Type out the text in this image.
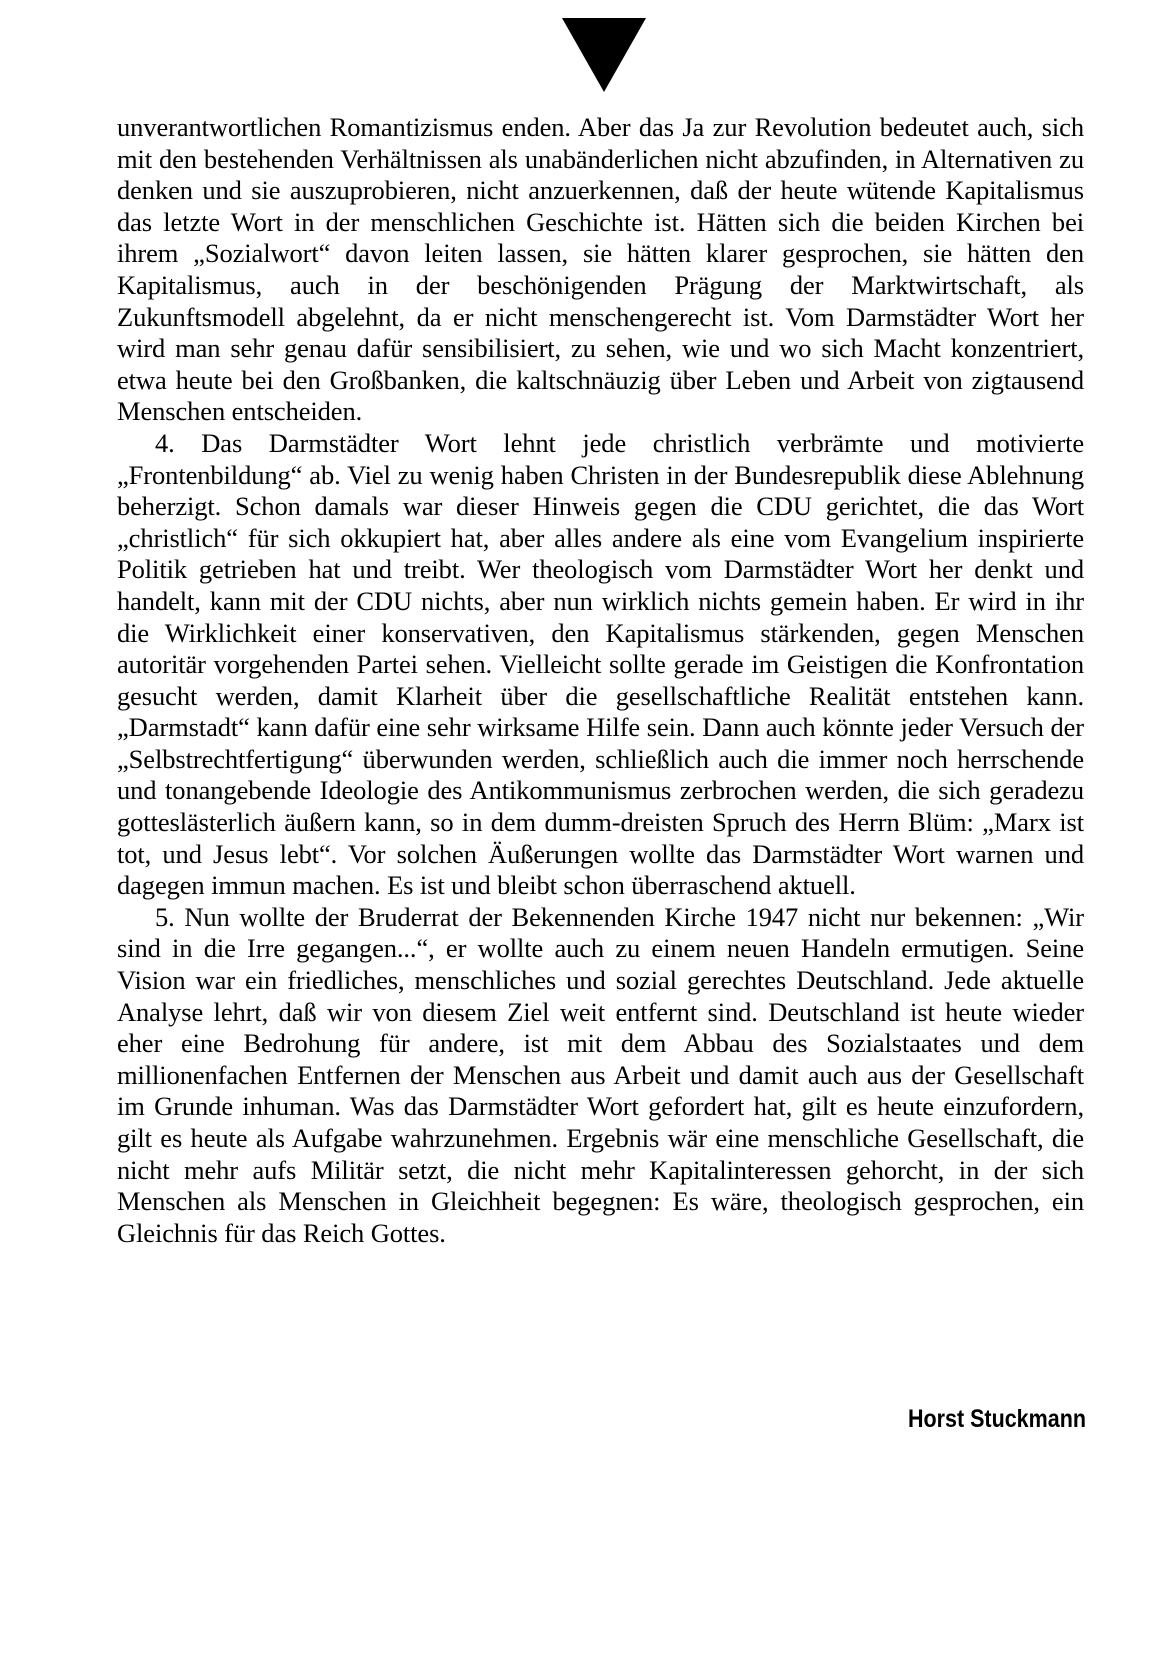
unverantwortlichen Romantizismus enden. Aber das Ja zur Revolution bedeutet auch, sich mit den bestehenden Verhältnissen als unabänderlichen nicht abzufinden, in Alternativen zu denken und sie auszuprobieren, nicht anzuerkennen, daß der heute wütende Kapitalismus das letzte Wort in der menschlichen Geschichte ist. Hätten sich die beiden Kirchen bei ihrem „Sozialwort“ davon leiten lassen, sie hätten klarer gesprochen, sie hätten den Kapitalismus, auch in der beschönigenden Prägung der Marktwirtschaft, als Zukunftsmodell abgelehnt, da er nicht menschengerecht ist. Vom Darmstädter Wort her wird man sehr genau dafür sensibilisiert, zu sehen, wie und wo sich Macht konzentriert, etwa heute bei den Großbanken, die kaltschnäuzig über Leben und Arbeit von zigtausend Menschen entscheiden.

4. Das Darmstädter Wort lehnt jede christlich verbrämte und motivierte „Frontenbildung“ ab. Viel zu wenig haben Christen in der Bundesrepublik diese Ablehnung beherzigt. Schon damals war dieser Hinweis gegen die CDU gerichtet, die das Wort „christlich“ für sich okkupiert hat, aber alles andere als eine vom Evangelium inspirierte Politik getrieben hat und treibt. Wer theologisch vom Darmstädter Wort her denkt und handelt, kann mit der CDU nichts, aber nun wirklich nichts gemein haben. Er wird in ihr die Wirklichkeit einer konservativen, den Kapitalismus stärkenden, gegen Menschen autoritär vorgehenden Partei sehen. Vielleicht sollte gerade im Geistigen die Konfrontation gesucht werden, damit Klarheit über die gesellschaftliche Realität entstehen kann. „Darmstadt“ kann dafür eine sehr wirksame Hilfe sein. Dann auch könnte jeder Versuch der „Selbstrechtfertigung“ überwunden werden, schließlich auch die immer noch herrschende und tonangebende Ideologie des Antikommunismus zerbrochen werden, die sich geradezu gotteslästerlich äußern kann, so in dem dumm-dreisten Spruch des Herrn Blüm: „Marx ist tot, und Jesus lebt“. Vor solchen Äußerungen wollte das Darmstädter Wort warnen und dagegen immun machen. Es ist und bleibt schon überraschend aktuell.

5. Nun wollte der Bruderrat der Bekennenden Kirche 1947 nicht nur bekennen: „Wir sind in die Irre gegangen...“, er wollte auch zu einem neuen Handeln ermutigen. Seine Vision war ein friedliches, menschliches und sozial gerechtes Deutschland. Jede aktuelle Analyse lehrt, daß wir von diesem Ziel weit entfernt sind. Deutschland ist heute wieder eher eine Bedrohung für andere, ist mit dem Abbau des Sozialstaates und dem millionenfachen Entfernen der Menschen aus Arbeit und damit auch aus der Gesellschaft im Grunde inhuman. Was das Darmstädter Wort gefordert hat, gilt es heute einzufordern, gilt es heute als Aufgabe wahrzunehmen. Ergebnis wär eine menschliche Gesellschaft, die nicht mehr aufs Militär setzt, die nicht mehr Kapitalinteressen gehorcht, in der sich Menschen als Menschen in Gleichheit begegnen: Es wäre, theologisch gesprochen, ein Gleichnis für das Reich Gottes.

Horst Stuckmann
